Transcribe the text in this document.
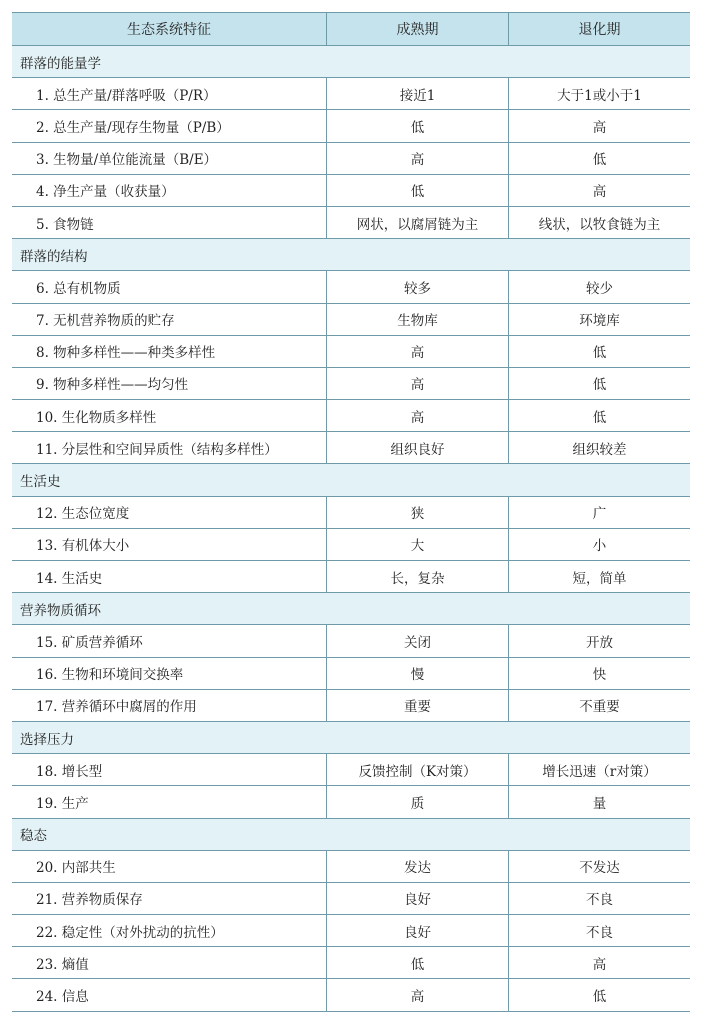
生态系统特征	成熟期	退化期
群落的能量学
1. 总生产量/群落呼吸（P/R）	接近1	大于1或小于1
2. 总生产量/现存生物量（P/B）	低	高
3. 生物量/单位能流量（B/E）	高	低
4. 净生产量（收获量）	低	高
5. 食物链	网状，以腐屑链为主	线状，以牧食链为主
群落的结构
6. 总有机物质	较多	较少
7. 无机营养物质的贮存	生物库	环境库
8. 物种多样性——种类多样性	高	低
9. 物种多样性——均匀性	高	低
10. 生化物质多样性	高	低
11. 分层性和空间异质性（结构多样性）	组织良好	组织较差
生活史
12. 生态位宽度	狭	广
13. 有机体大小	大	小
14. 生活史	长，复杂	短，简单
营养物质循环
15. 矿质营养循环	关闭	开放
16. 生物和环境间交换率	慢	快
17. 营养循环中腐屑的作用	重要	不重要
选择压力
18. 增长型	反馈控制（K对策）	增长迅速（r对策）
19. 生产	质	量
稳态
20. 内部共生	发达	不发达
21. 营养物质保存	良好	不良
22. 稳定性（对外扰动的抗性）	良好	不良
23. 熵值	低	高
24. 信息	高	低
